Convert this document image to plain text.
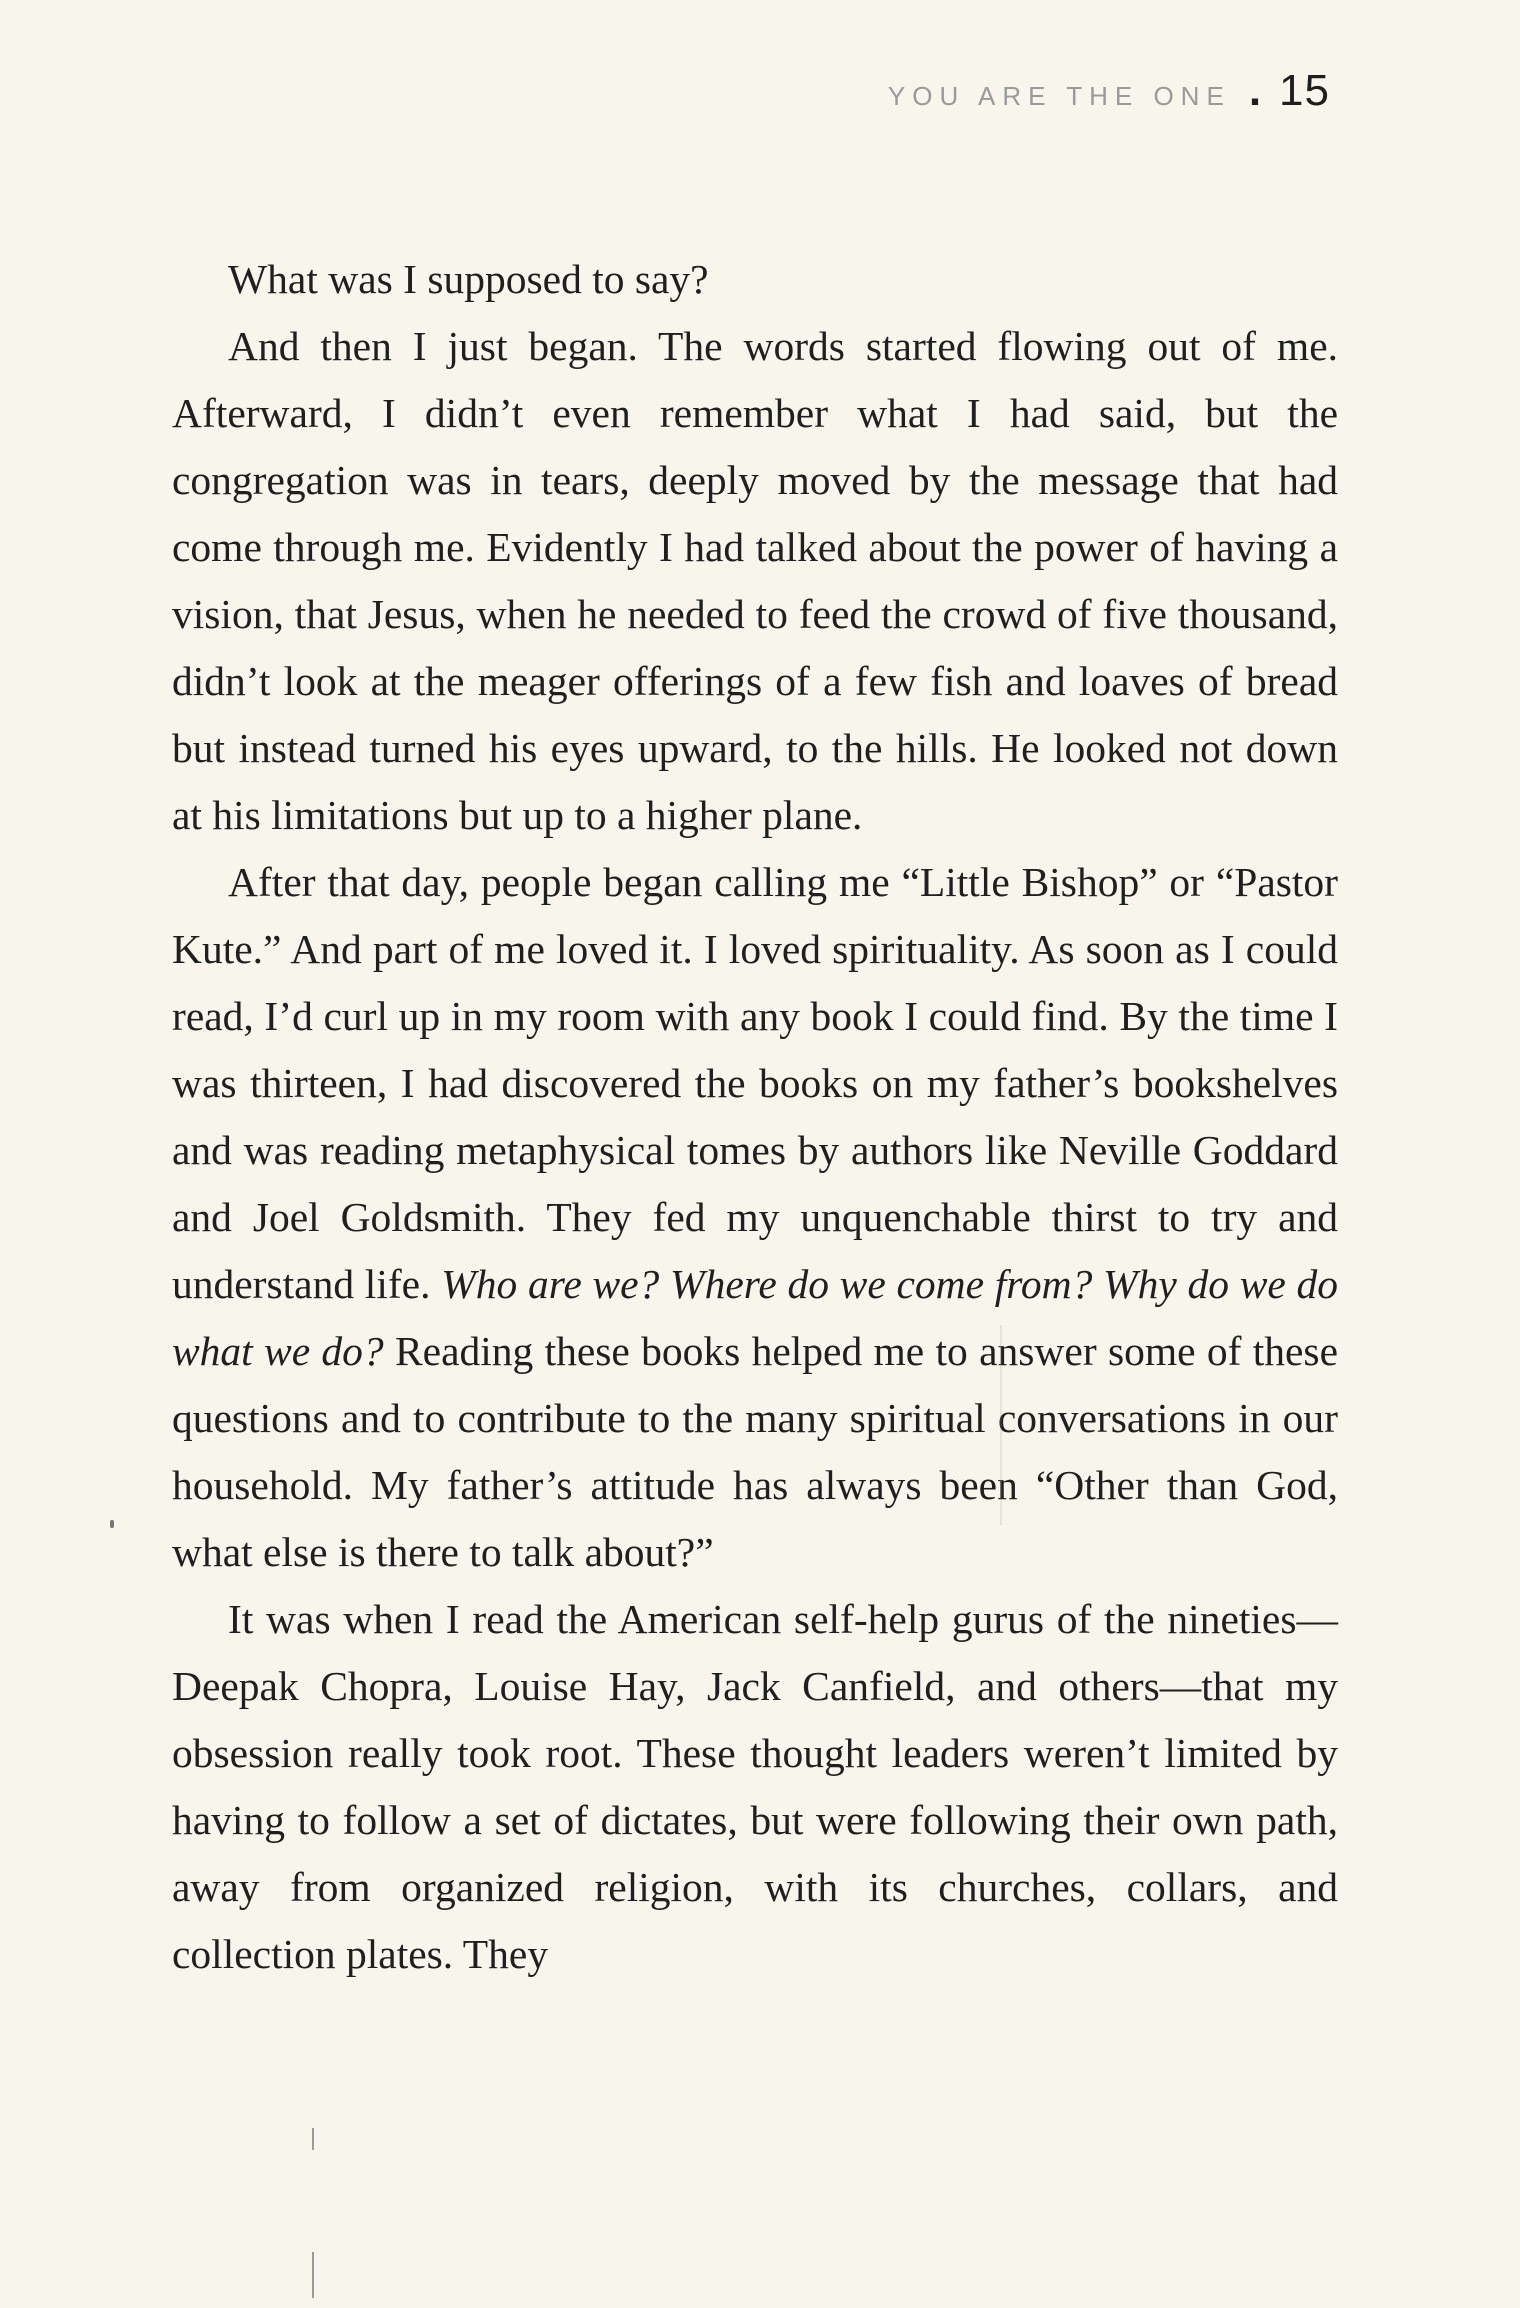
YOU ARE THE ONE . 15

What was I supposed to say?

And then I just began. The words started flowing out of me. Afterward, I didn’t even remember what I had said, but the congregation was in tears, deeply moved by the message that had come through me. Evidently I had talked about the power of having a vision, that Jesus, when he needed to feed the crowd of five thousand, didn’t look at the meager offerings of a few fish and loaves of bread but instead turned his eyes upward, to the hills. He looked not down at his limitations but up to a higher plane.

After that day, people began calling me “Little Bishop” or “Pastor Kute.” And part of me loved it. I loved spirituality. As soon as I could read, I’d curl up in my room with any book I could find. By the time I was thirteen, I had discovered the books on my father’s bookshelves and was reading metaphysical tomes by authors like Neville Goddard and Joel Goldsmith. They fed my unquenchable thirst to try and understand life. Who are we? Where do we come from? Why do we do what we do? Reading these books helped me to answer some of these questions and to contribute to the many spiritual conversations in our household. My father’s attitude has always been “Other than God, what else is there to talk about?”

It was when I read the American self-help gurus of the nineties—Deepak Chopra, Louise Hay, Jack Canfield, and others—that my obsession really took root. These thought leaders weren’t limited by having to follow a set of dictates, but were following their own path, away from organized religion, with its churches, collars, and collection plates. They
